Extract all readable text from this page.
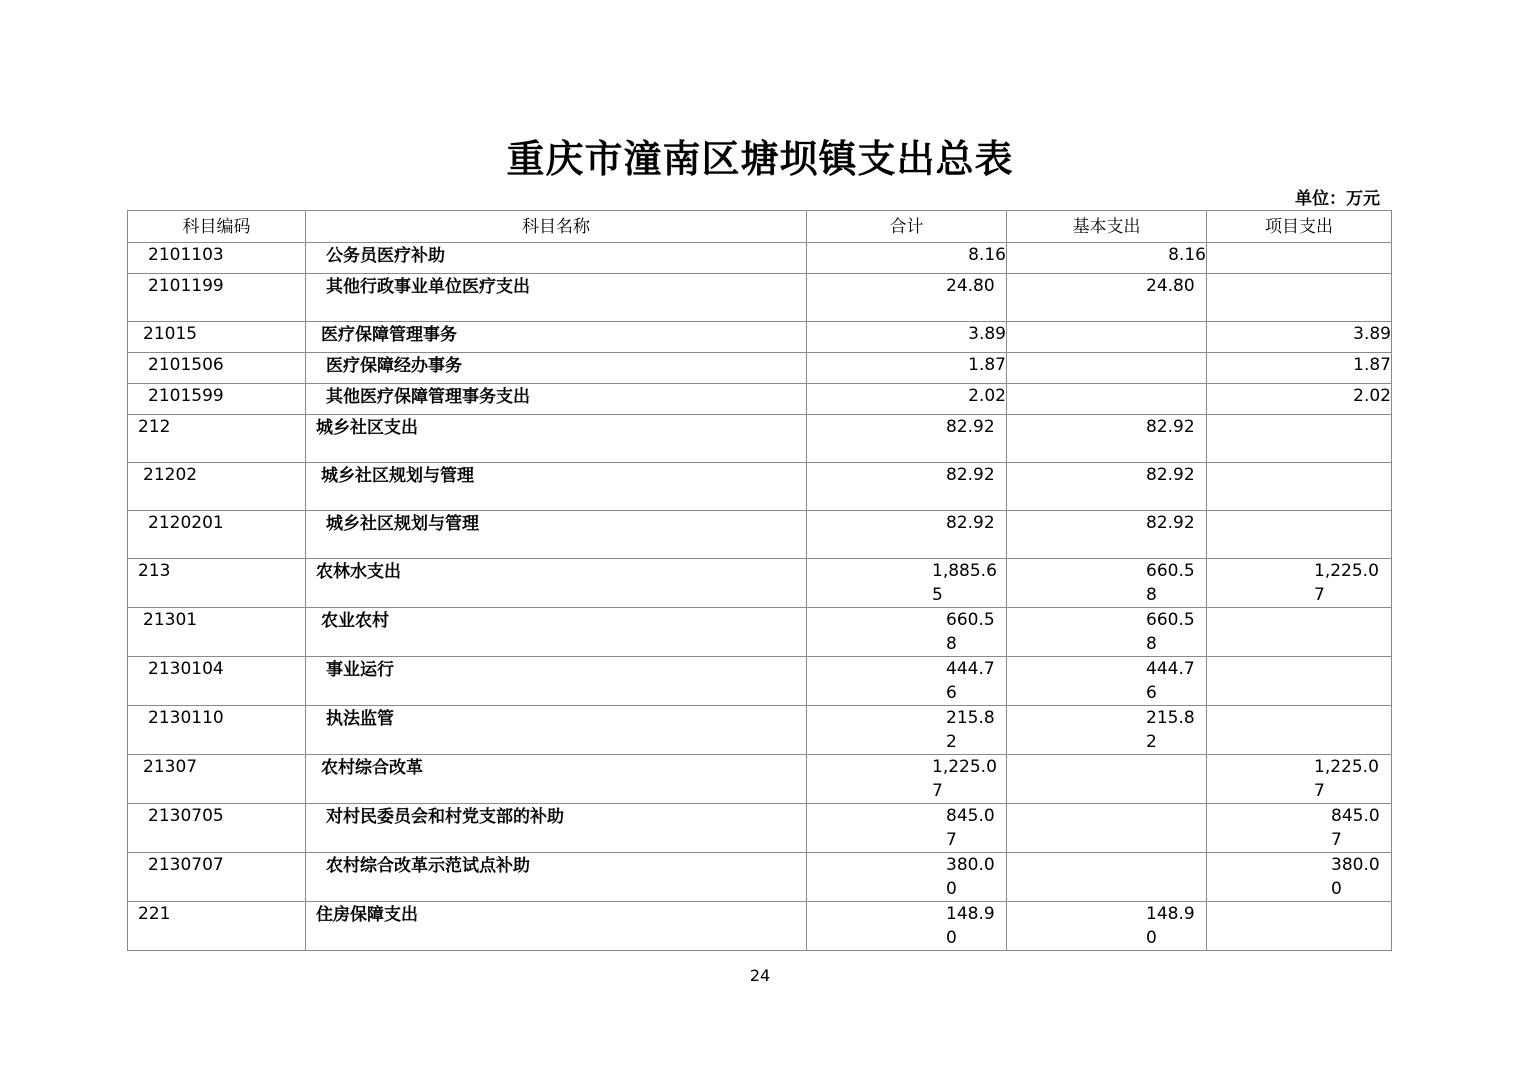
重庆市潼南区塘坝镇支出总表
单位：万元
科目编码	科目名称	合计	基本支出	项目支出
2101103	公务员医疗补助	8.16	8.16	
2101199	其他行政事业单位医疗支出	24.80	24.80	
21015	医疗保障管理事务	3.89		3.89
2101506	医疗保障经办事务	1.87		1.87
2101599	其他医疗保障管理事务支出	2.02		2.02
212	城乡社区支出	82.92	82.92	
21202	城乡社区规划与管理	82.92	82.92	
2120201	城乡社区规划与管理	82.92	82.92	
213	农林水支出	1,885.65	660.58	1,225.07
21301	农业农村	660.58	660.58	
2130104	事业运行	444.76	444.76	
2130110	执法监管	215.82	215.82	
21307	农村综合改革	1,225.07		1,225.07
2130705	对村民委员会和村党支部的补助	845.07		845.07
2130707	农村综合改革示范试点补助	380.00		380.00
221	住房保障支出	148.90	148.90	
24
